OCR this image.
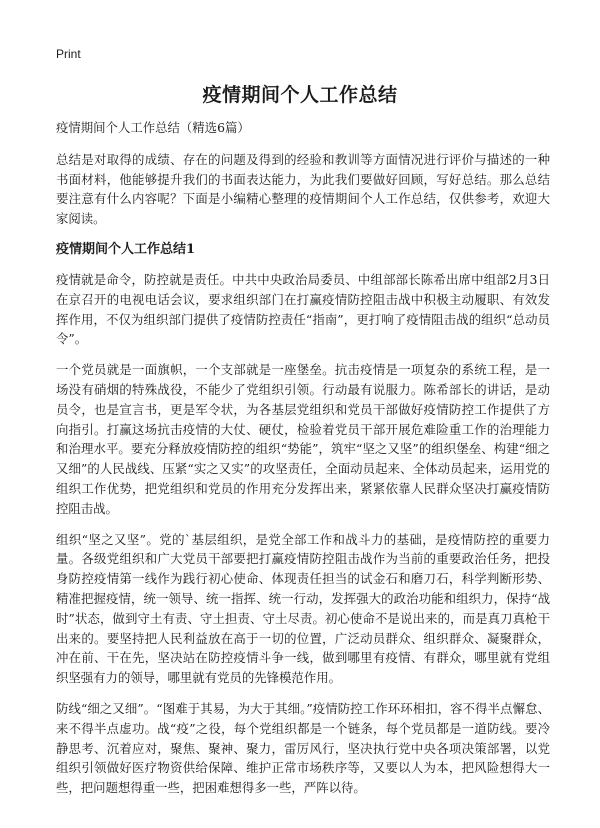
Print
疫情期间个人工作总结

疫情期间个人工作总结（精选6篇）

总结是对取得的成绩、存在的问题及得到的经验和教训等方面情况进行评价与描述的一种书面材料，他能够提升我们的书面表达能力，为此我们要做好回顾，写好总结。那么总结要注意有什么内容呢？下面是小编精心整理的疫情期间个人工作总结，仅供参考，欢迎大家阅读。

疫情期间个人工作总结1

疫情就是命令，防控就是责任。中共中央政治局委员、中组部部长陈希出席中组部2月3日在京召开的电视电话会议，要求组织部门在打赢疫情防控阻击战中积极主动履职、有效发挥作用，不仅为组织部门提供了疫情防控责任“指南”，更打响了疫情阻击战的组织“总动员令”。

一个党员就是一面旗帜，一个支部就是一座堡垒。抗击疫情是一项复杂的系统工程，是一场没有硝烟的特殊战役，不能少了党组织引领。行动最有说服力。陈希部长的讲话，是动员令，也是宣言书，更是军令状，为各基层党组织和党员干部做好疫情防控工作提供了方向指引。打赢这场抗击疫情的大仗、硬仗，检验着党员干部开展危难险重工作的治理能力和治理水平。要充分释放疫情防控的组织“势能”，筑牢“坚之又坚”的组织堡垒、构建“细之又细”的人民战线、压紧“实之又实”的攻坚责任，全面动员起来、全体动员起来，运用党的组织工作优势，把党组织和党员的作用充分发挥出来，紧紧依靠人民群众坚决打赢疫情防控阻击战。

组织“坚之又坚”。党的`基层组织，是党全部工作和战斗力的基础，是疫情防控的重要力量。各级党组织和广大党员干部要把打赢疫情防控阻击战作为当前的重要政治任务，把投身防控疫情第一线作为践行初心使命、体现责任担当的试金石和磨刀石，科学判断形势、精准把握疫情，统一领导、统一指挥、统一行动，发挥强大的政治功能和组织力，保持“战时”状态，做到守土有责、守土担责、守土尽责。初心使命不是说出来的，而是真刀真枪干出来的。要坚持把人民利益放在高于一切的位置，广泛动员群众、组织群众、凝聚群众，冲在前、干在先，坚决站在防控疫情斗争一线，做到哪里有疫情、有群众，哪里就有党组织坚强有力的领导，哪里就有党员的先锋模范作用。

防线“细之又细”。“图难于其易，为大于其细。”疫情防控工作环环相扣，容不得半点懈怠、来不得半点虚功。战“疫”之役，每个党组织都是一个链条，每个党员都是一道防线。要冷静思考、沉着应对，聚焦、聚神、聚力，雷厉风行，坚决执行党中央各项决策部署，以党组织引领做好医疗物资供给保障、维护正常市场秩序等，又要以人为本，把风险想得大一些，把问题想得重一些，把困难想得多一些，严阵以待。
